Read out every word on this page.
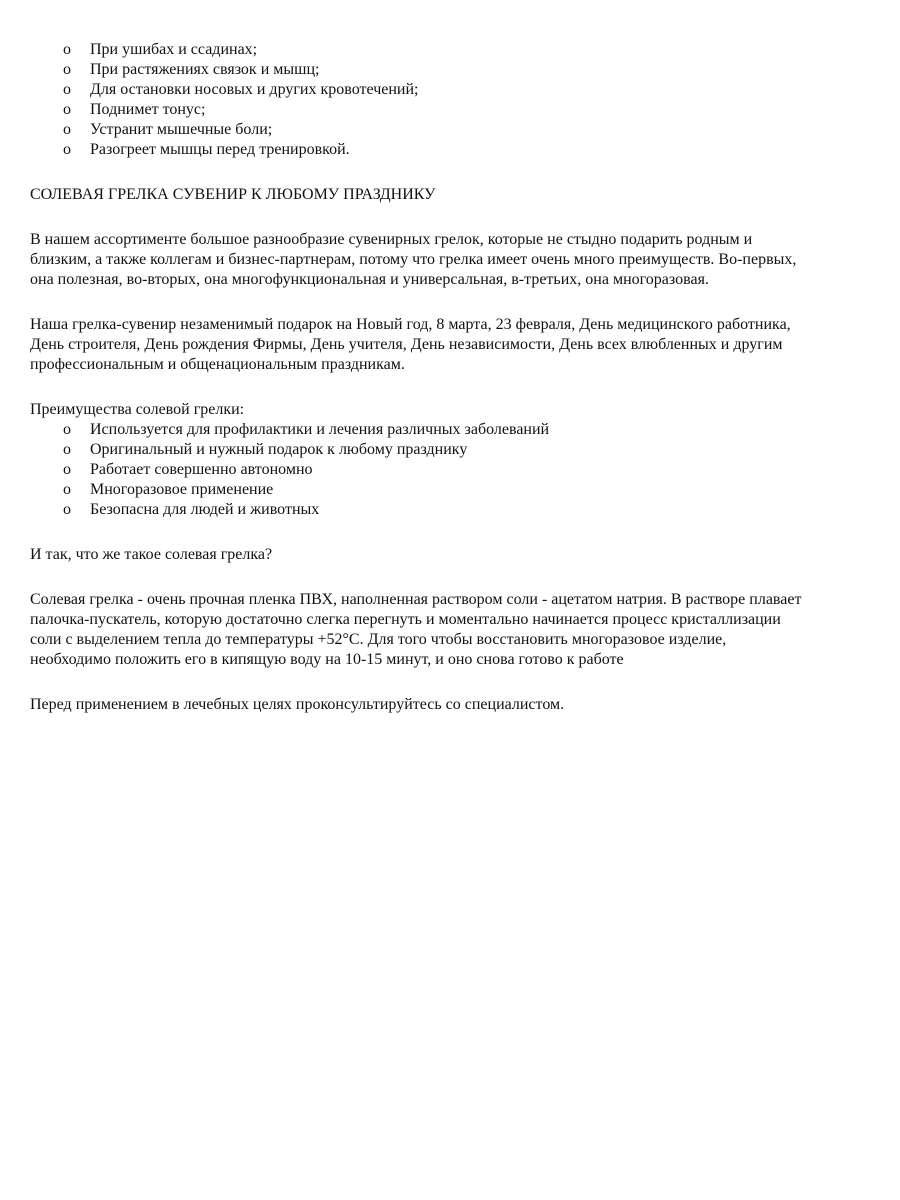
o При ушибах и ссадинах;
o При растяжениях связок и мышц;
o Для остановки носовых и других кровотечений;
o Поднимет тонус;
o Устранит мышечные боли;
o Разогреет мышцы перед тренировкой.

СОЛЕВАЯ ГРЕЛКА СУВЕНИР К ЛЮБОМУ ПРАЗДНИКУ

В нашем ассортименте большое разнообразие сувенирных грелок, которые не стыдно подарить родным и

близким, а также коллегам и бизнес-партнерам, потому что грелка имеет очень много преимуществ. Во-первых,

она полезная, во-вторых, она многофункциональная и универсальная, в-третьих, она многоразовая.

Наша грелка-сувенир незаменимый подарок на Новый год, 8 марта, 23 февраля, День медицинского работника,

День строителя, День рождения Фирмы, День учителя, День независимости, День всех влюбленных и другим

профессиональным и общенациональным праздникам.

Преимущества солевой грелки:

o Используется для профилактики и лечения различных заболеваний
o Оригинальный и нужный подарок к любому празднику
o Работает совершенно автономно
o Многоразовое применение
o Безопасна для людей и животных

И так, что же такое солевая грелка?

Солевая грелка - очень прочная пленка ПВХ, наполненная раствором соли - ацетатом натрия. В растворе плавает

палочка-пускатель, которую достаточно слегка перегнуть и моментально начинается процесс кристаллизации

соли с выделением тепла до температуры +52°C. Для того чтобы восстановить многоразовое изделие,

необходимо положить его в кипящую воду на 10-15 минут, и оно снова готово к работе

Перед применением в лечебных целях проконсультируйтесь со специалистом.
